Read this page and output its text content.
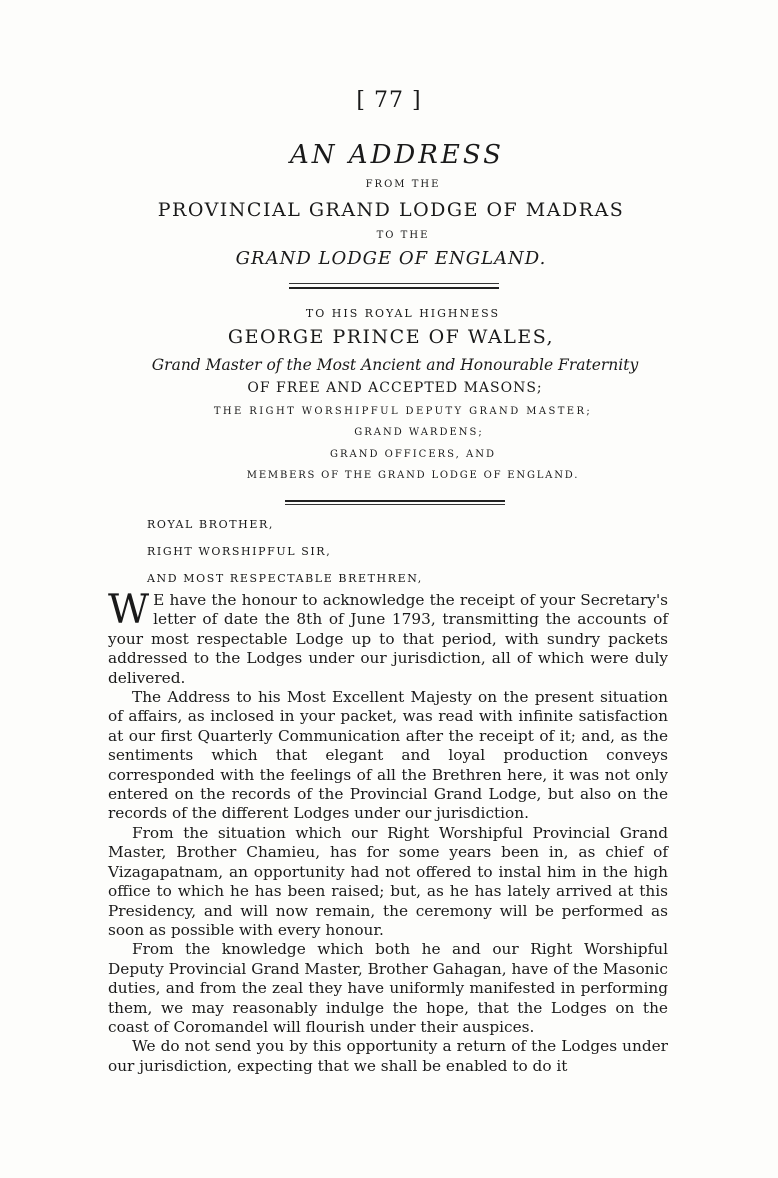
[ 77 ]
AN ADDRESS
FROM THE
PROVINCIAL GRAND LODGE OF MADRAS
TO THE
GRAND LODGE OF ENGLAND.
TO HIS ROYAL HIGHNESS
GEORGE PRINCE OF WALES,
Grand Master of the Most Ancient and Honourable Fraternity
OF FREE AND ACCEPTED MASONS;
THE RIGHT WORSHIPFUL DEPUTY GRAND MASTER;
GRAND WARDENS;
GRAND OFFICERS, AND
MEMBERS OF THE GRAND LODGE OF ENGLAND.
ROYAL BROTHER,
RIGHT WORSHIPFUL SIR,
AND MOST RESPECTABLE BRETHREN,

W E have the honour to acknowledge the receipt of your Secretary's letter of date the 8th of June 1793, transmitting the accounts of your most respectable Lodge up to that period, with sundry packets addressed to the Lodges under our jurisdiction, all of which were duly delivered.

The Address to his Most Excellent Majesty on the present situation of affairs, as inclosed in your packet, was read with infinite satisfaction at our first Quarterly Communication after the receipt of it; and, as the sentiments which that elegant and loyal production conveys corresponded with the feelings of all the Brethren here, it was not only entered on the records of the Provincial Grand Lodge, but also on the records of the different Lodges under our jurisdiction.

From the situation which our Right Worshipful Provincial Grand Master, Brother Chamieu, has for some years been in, as chief of Vizagapatnam, an opportunity had not offered to instal him in the high office to which he has been raised; but, as he has lately arrived at this Presidency, and will now remain, the ceremony will be performed as soon as possible with every honour.

From the knowledge which both he and our Right Worshipful Deputy Provincial Grand Master, Brother Gahagan, have of the Masonic duties, and from the zeal they have uniformly manifested in performing them, we may reasonably indulge the hope, that the Lodges on the coast of Coromandel will flourish under their auspices.

We do not send you by this opportunity a return of the Lodges under our jurisdiction, expecting that we shall be enabled to do it
